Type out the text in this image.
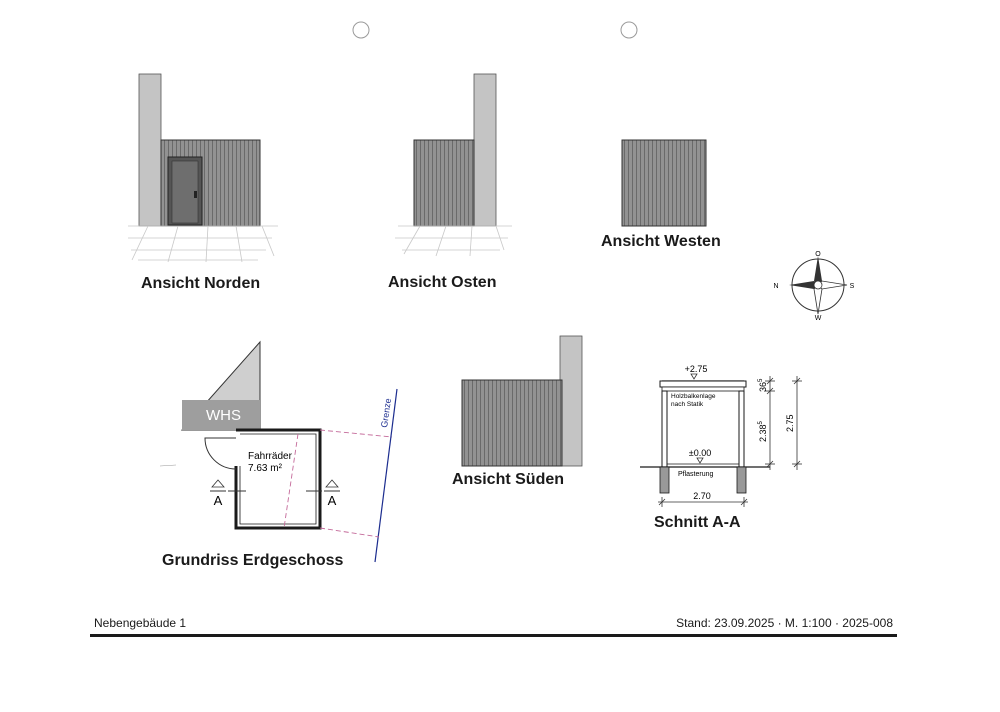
O
W
N	S
WHS	Grenze
A	A
Fahrräder
7.63 m²
+2.75
±0.00
Holzbalkenlage
nach Statik
Pflasterung
$36^5$
2.38$^5$	2.75
2.70
Ansicht Norden	Ansicht Osten
Ansicht Westen
Ansicht Süden
Grundriss Erdgeschoss
Schnitt A-A
Nebengebäude 1	Stand: 23.09.2025 · M. 1:100 · 2025-008
